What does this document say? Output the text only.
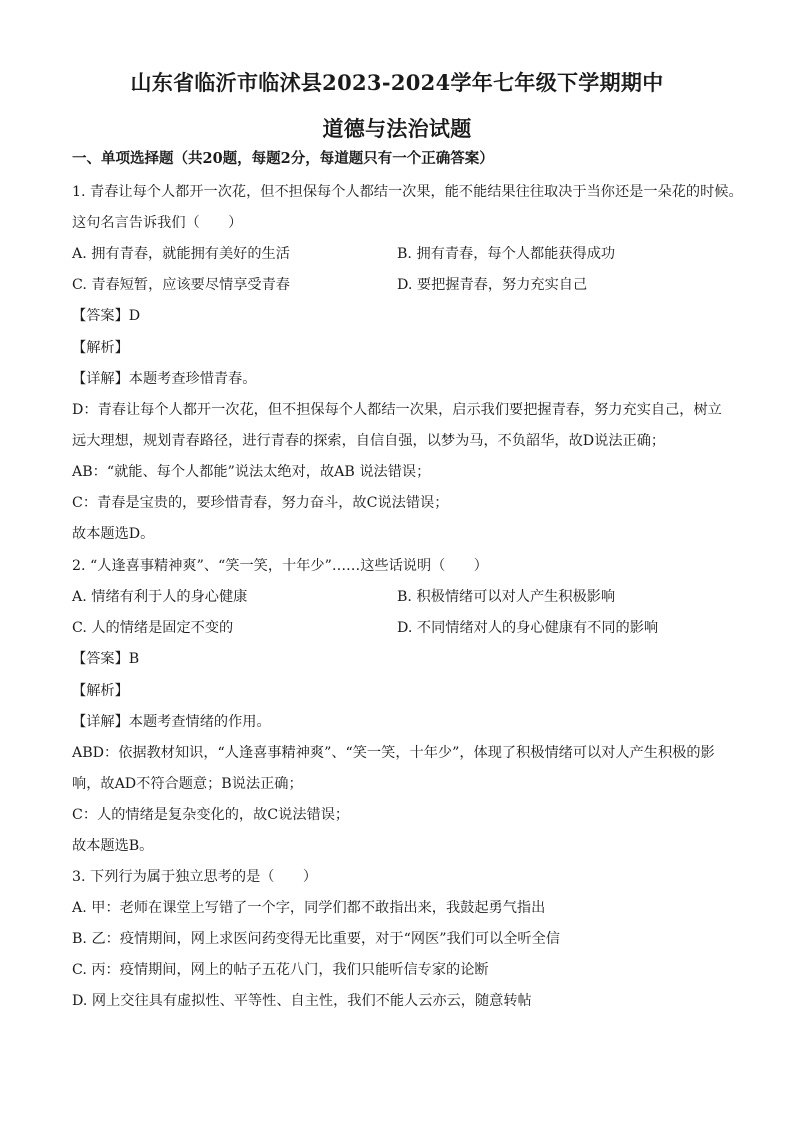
山东省临沂市临沭县2023-2024学年七年级下学期期中
道德与法治试题
一、单项选择题（共20题，每题2分，每道题只有一个正确答案）
1. 青春让每个人都开一次花，但不担保每个人都结一次果，能不能结果往往取决于当你还是一朵花的时候。
这句名言告诉我们（　　）
A. 拥有青春，就能拥有美好的生活	B. 拥有青春，每个人都能获得成功
C. 青春短暂，应该要尽情享受青春	D. 要把握青春，努力充实自己
【答案】D
【解析】
【详解】本题考查珍惜青春。
D：青春让每个人都开一次花，但不担保每个人都结一次果，启示我们要把握青春，努力充实自己，树立
远大理想，规划青春路径，进行青春的探索，自信自强，以梦为马，不负韶华，故D说法正确；
AB：“就能、每个人都能”说法太绝对，故AB 说法错误；
C：青春是宝贵的，要珍惜青春，努力奋斗，故C说法错误；
故本题选D。
2. “人逢喜事精神爽”、“笑一笑，十年少”……这些话说明（　　）
A. 情绪有利于人的身心健康	B. 积极情绪可以对人产生积极影响
C. 人的情绪是固定不变的	D. 不同情绪对人的身心健康有不同的影响
【答案】B
【解析】
【详解】本题考查情绪的作用。
ABD：依据教材知识，“人逢喜事精神爽”、“笑一笑，十年少”，体现了积极情绪可以对人产生积极的影
响，故AD不符合题意；B说法正确；
C：人的情绪是复杂变化的，故C说法错误；
故本题选B。
3. 下列行为属于独立思考的是（　　）
A. 甲：老师在课堂上写错了一个字，同学们都不敢指出来，我鼓起勇气指出
B. 乙：疫情期间，网上求医问药变得无比重要，对于“网医”我们可以全听全信
C. 丙：疫情期间，网上的帖子五花八门，我们只能听信专家的论断
D. 网上交往具有虚拟性、平等性、自主性，我们不能人云亦云，随意转帖
